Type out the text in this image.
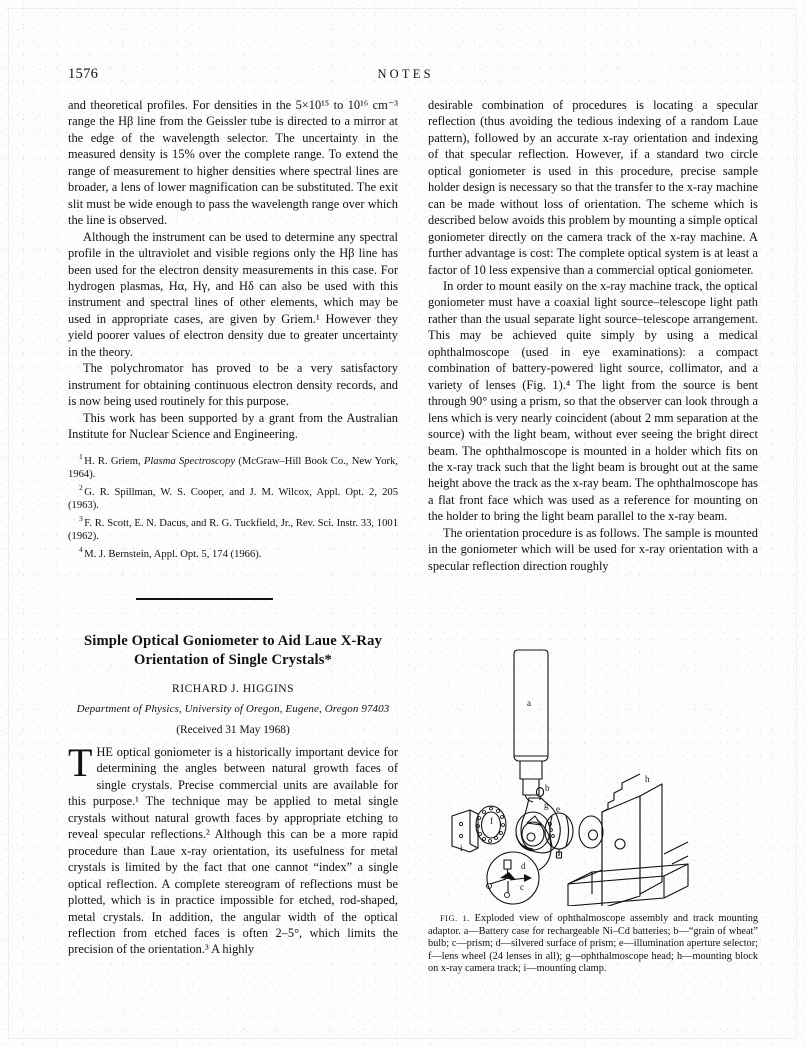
1576	NOTES

and theoretical profiles. For densities in the 5×10¹⁵ to 10¹⁶ cm⁻³ range the Hβ line from the Geissler tube is directed to a mirror at the edge of the wavelength selector. The uncertainty in the measured density is 15% over the complete range. To extend the range of measurement to higher densities where spectral lines are broader, a lens of lower magnification can be substituted. The exit slit must be wide enough to pass the wavelength range over which the line is observed.

Although the instrument can be used to determine any spectral profile in the ultraviolet and visible regions only the Hβ line has been used for the electron density measurements in this case. For hydrogen plasmas, Hα, Hγ, and Hδ can also be used with this instrument and spectral lines of other elements, which may be used in appropriate cases, are given by Griem.¹ However they yield poorer values of electron density due to greater uncertainty in the theory.

The polychromator has proved to be a very satisfactory instrument for obtaining continuous electron density records, and is now being used routinely for this purpose.

This work has been supported by a grant from the Australian Institute for Nuclear Science and Engineering.

$^1$ H. R. Griem, Plasma Spectroscopy (McGraw–Hill Book Co., New York, 1964).

$^2$ G. R. Spillman, W. S. Cooper, and J. M. Wilcox, Appl. Opt. 2, 205 (1963).

$^3$ F. R. Scott, E. N. Dacus, and R. G. Tuckfield, Jr., Rev. Sci. Instr. 33, 1001 (1962).

$^4$ M. J. Bernstein, Appl. Opt. 5, 174 (1966).

Simple Optical Goniometer to Aid Laue X-Ray
Orientation of Single Crystals*
RICHARD J. HIGGINS
Department of Physics, University of Oregon, Eugene, Oregon 97403
(Received 31 May 1968)

THE optical goniometer is a historically important device for determining the angles between natural growth faces of single crystals. Precise commercial units are available for this purpose.¹ The technique may be applied to metal single crystals without natural growth faces by appropriate etching to reveal specular reflections.² Although this can be a more rapid procedure than Laue x-ray orientation, its usefulness for metal crystals is limited by the fact that one cannot “index” a single optical reflection. A complete stereogram of reflections must be plotted, which is in practice impossible for etched, rod-shaped, metal crystals. In addition, the angular width of the optical reflection from etched faces is often 2–5°, which limits the precision of the orientation.³ A highly

desirable combination of procedures is locating a specular reflection (thus avoiding the tedious indexing of a random Laue pattern), followed by an accurate x-ray orientation and indexing of that specular reflection. However, if a standard two circle optical goniometer is used in this procedure, precise sample holder design is necessary so that the transfer to the x-ray machine can be made without loss of orientation. The scheme which is described below avoids this problem by mounting a simple optical goniometer directly on the camera track of the x-ray machine. A further advantage is cost: The complete optical system is at least a factor of 10 less expensive than a commercial optical goniometer.

In order to mount easily on the x-ray machine track, the optical goniometer must have a coaxial light source–telescope light path rather than the usual separate light source–telescope arrangement. This may be achieved quite simply by using a medical ophthalmoscope (used in eye examinations): a compact combination of battery-powered light source, collimator, and a variety of lenses (Fig. 1).⁴ The light from the source is bent through 90° using a prism, so that the observer can look through a lens which is very nearly coincident (about 2 mm separation at the source) with the light beam, without ever seeing the bright direct beam. The ophthalmoscope is mounted in a holder which fits on the x-ray track such that the light beam is brought out at the same height above the track as the x-ray beam. The ophthalmoscope has a flat front face which was used as a reference for mounting on the holder to bring the light beam parallel to the x-ray beam.

The orientation procedure is as follows. The sample is mounted in the goniometer which will be used for x-ray orientation with a specular reflection direction roughly

a
b
c
d
e
f
g
h
i
FIG. 1. Exploded view of ophthalmoscope assembly and track mounting adaptor. a—Battery case for rechargeable Ni–Cd batteries; b—“grain of wheat” bulb; c—prism; d—silvered surface of prism; e—illumination aperture selector; f—lens wheel (24 lenses in all); g—ophthalmoscope head; h—mounting block on x-ray camera track; i—mounting clamp.
